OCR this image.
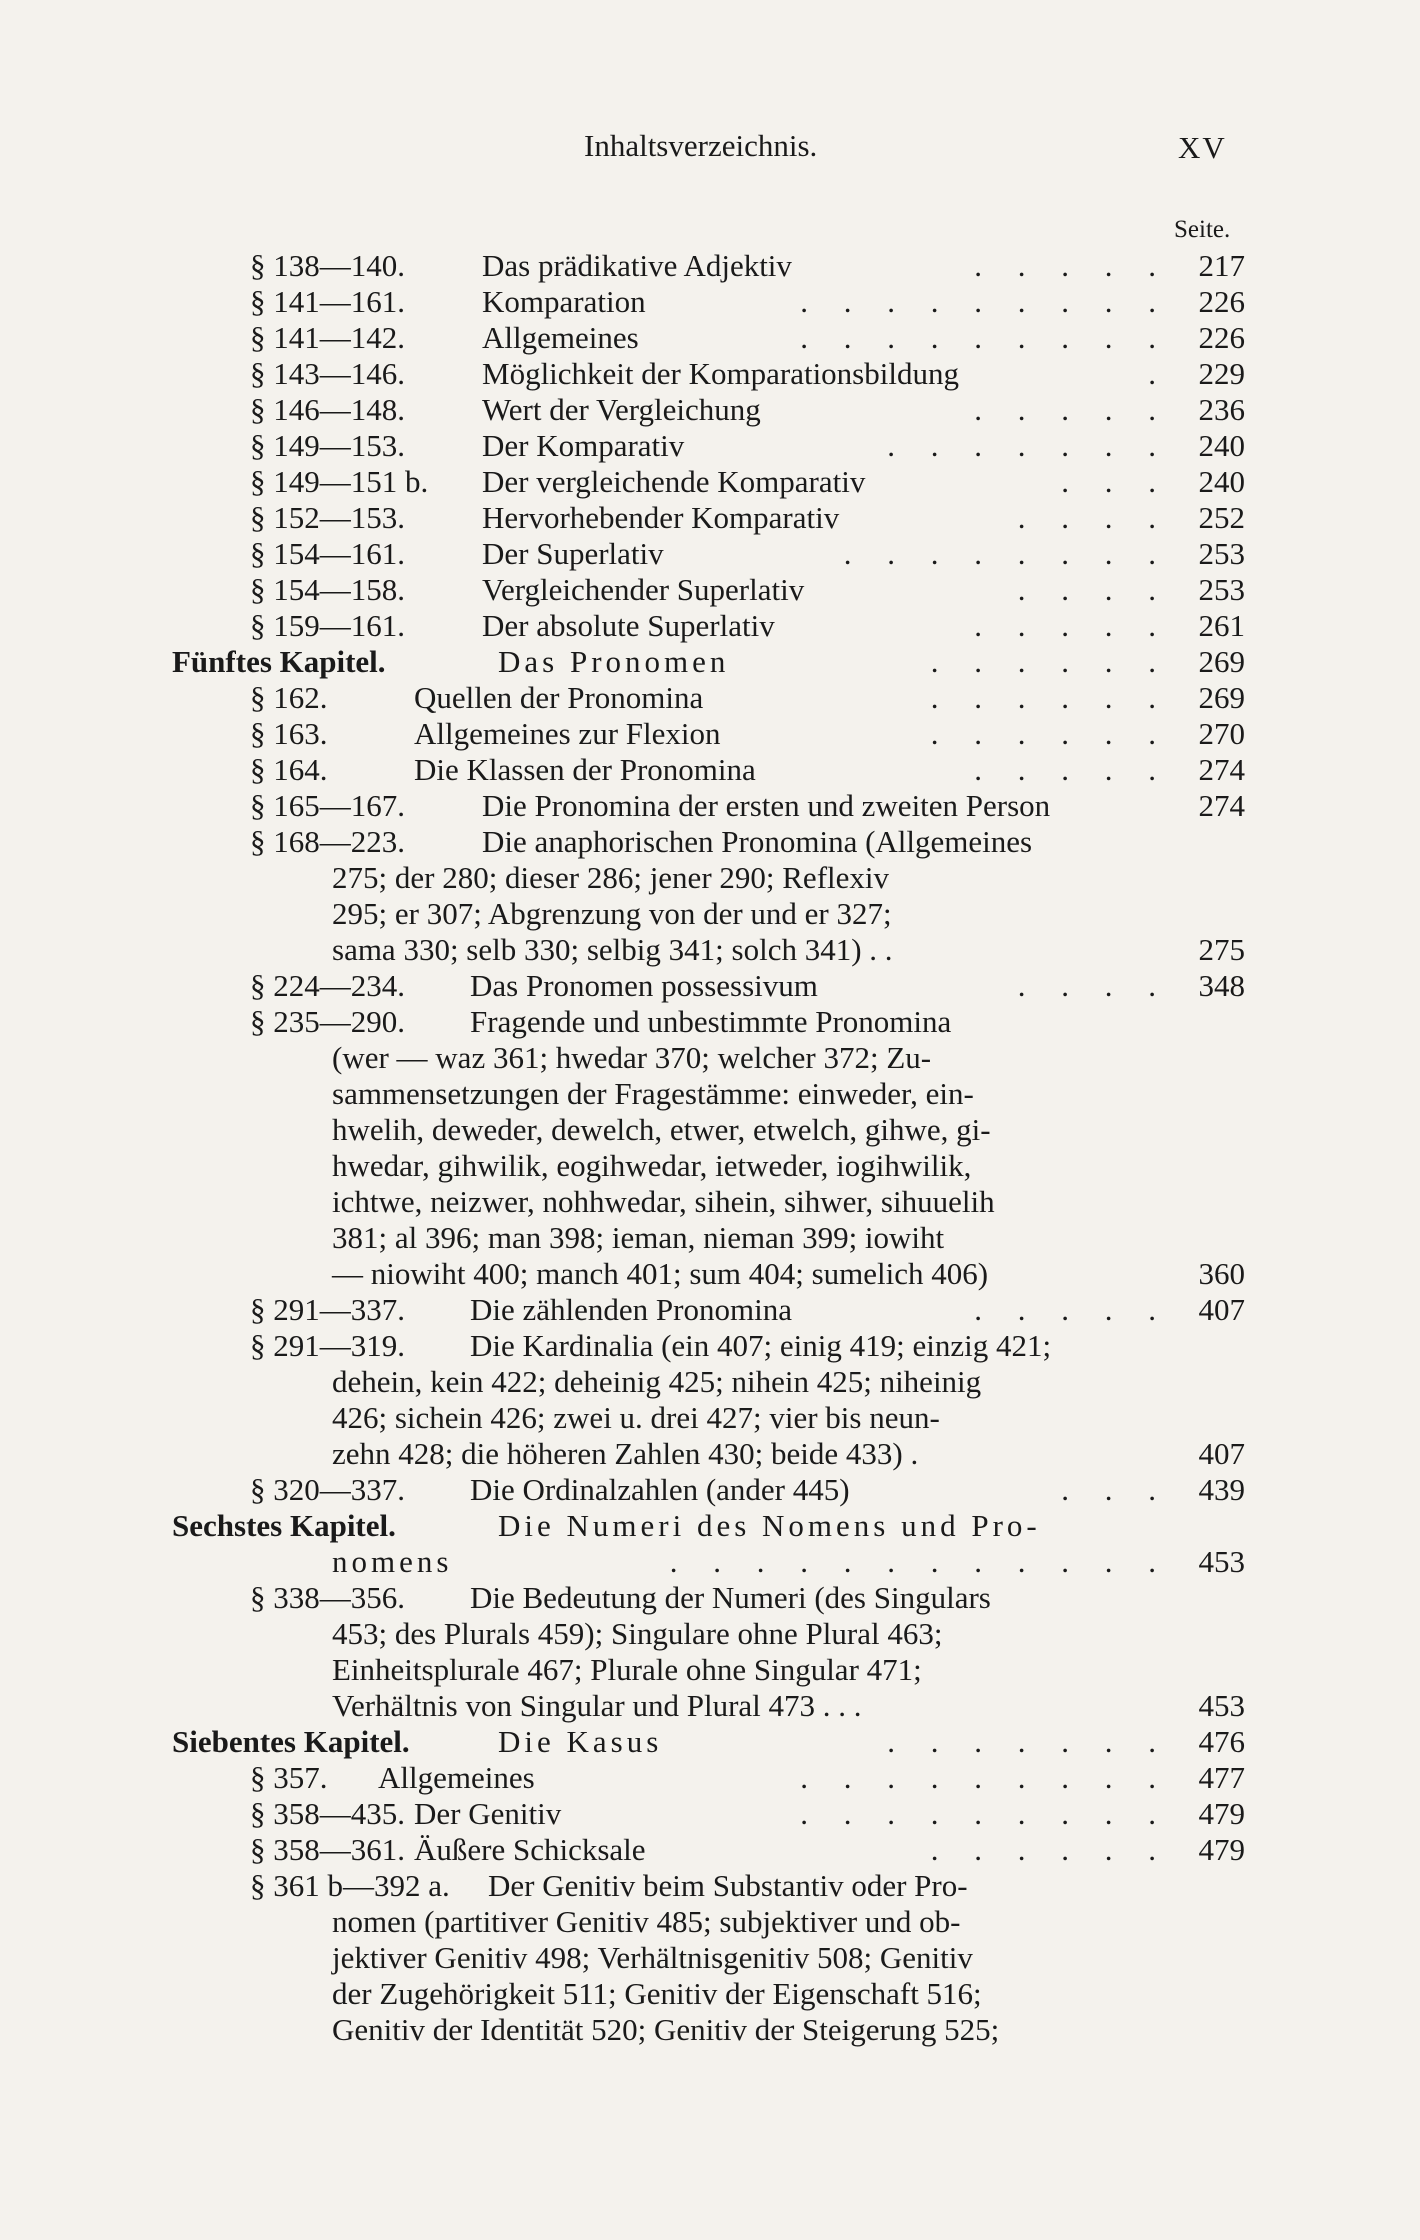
Inhaltsverzeichnis.	XV
Seite.
§ 138—140. Das prädikative Adjektiv	. . . . . 217
§ 141—161. Komparation	. . . . . . . . . 226
§ 141—142. Allgemeines	. . . . . . . . . 226
§ 143—146. Möglichkeit der Komparationsbildung	. 229
§ 146—148. Wert der Vergleichung	. . . . . 236
§ 149—153. Der Komparativ	. . . . . . . 240
§ 149—151 b. Der vergleichende Komparativ	. . . 240
§ 152—153. Hervorhebender Komparativ	. . . . 252
§ 154—161. Der Superlativ	. . . . . . . . 253
§ 154—158. Vergleichender Superlativ	. . . . 253
§ 159—161. Der absolute Superlativ	. . . . . 261
Fünftes Kapitel.	Das Pronomen	. . . . . . 269
§ 162.	Quellen der Pronomina	. . . . . . 269
§ 163.	Allgemeines zur Flexion	. . . . . . 270
§ 164.	Die Klassen der Pronomina	. . . . . 274
§ 165—167. Die Pronomina der ersten und zweiten Person	274
§ 168—223. Die anaphorischen Pronomina (Allgemeines
275; der 280; dieser 286; jener 290; Reflexiv
295; er 307; Abgrenzung von der und er 327;
sama 330; selb 330; selbig 341; solch 341) . .	275
§ 224—234. Das Pronomen possessivum	. . . . 348
§ 235—290. Fragende und unbestimmte Pronomina
(wer — waz 361; hwedar 370; welcher 372; Zu-
sammensetzungen der Fragestämme: einweder, ein-
hwelih, deweder, dewelch, etwer, etwelch, gihwe, gi-
hwedar, gihwilik, eogihwedar, ietweder, iogihwilik,
ichtwe, neizwer, nohhwedar, sihein, sihwer, sihuuelih
381; al 396; man 398; ieman, nieman 399; iowiht
— niowiht 400; manch 401; sum 404; sumelich 406)	360
§ 291—337. Die zählenden Pronomina	. . . . . 407
§ 291—319. Die Kardinalia (ein 407; einig 419; einzig 421;
dehein, kein 422; deheinig 425; nihein 425; niheinig
426; sichein 426; zwei u. drei 427; vier bis neun-
zehn 428; die höheren Zahlen 430; beide 433) .	407
§ 320—337. Die Ordinalzahlen (ander 445)	. . . 439
Sechstes Kapitel.	Die Numeri des Nomens und Pro-
nomens	. . . . . . . . . . . . 453
§ 338—356. Die Bedeutung der Numeri (des Singulars
453; des Plurals 459); Singulare ohne Plural 463;
Einheitsplurale 467; Plurale ohne Singular 471;
Verhältnis von Singular und Plural 473 . . .	453
Siebentes Kapitel.	Die Kasus	. . . . . . . 476
§ 357. Allgemeines	. . . . . . . . . 477
§ 358—435. Der Genitiv	. . . . . . . . . 479
§ 358—361. Äußere Schicksale	. . . . . . 479
§ 361 b—392 a. Der Genitiv beim Substantiv oder Pro-
nomen (partitiver Genitiv 485; subjektiver und ob-
jektiver Genitiv 498; Verhältnisgenitiv 508; Genitiv
der Zugehörigkeit 511; Genitiv der Eigenschaft 516;
Genitiv der Identität 520; Genitiv der Steigerung 525;
